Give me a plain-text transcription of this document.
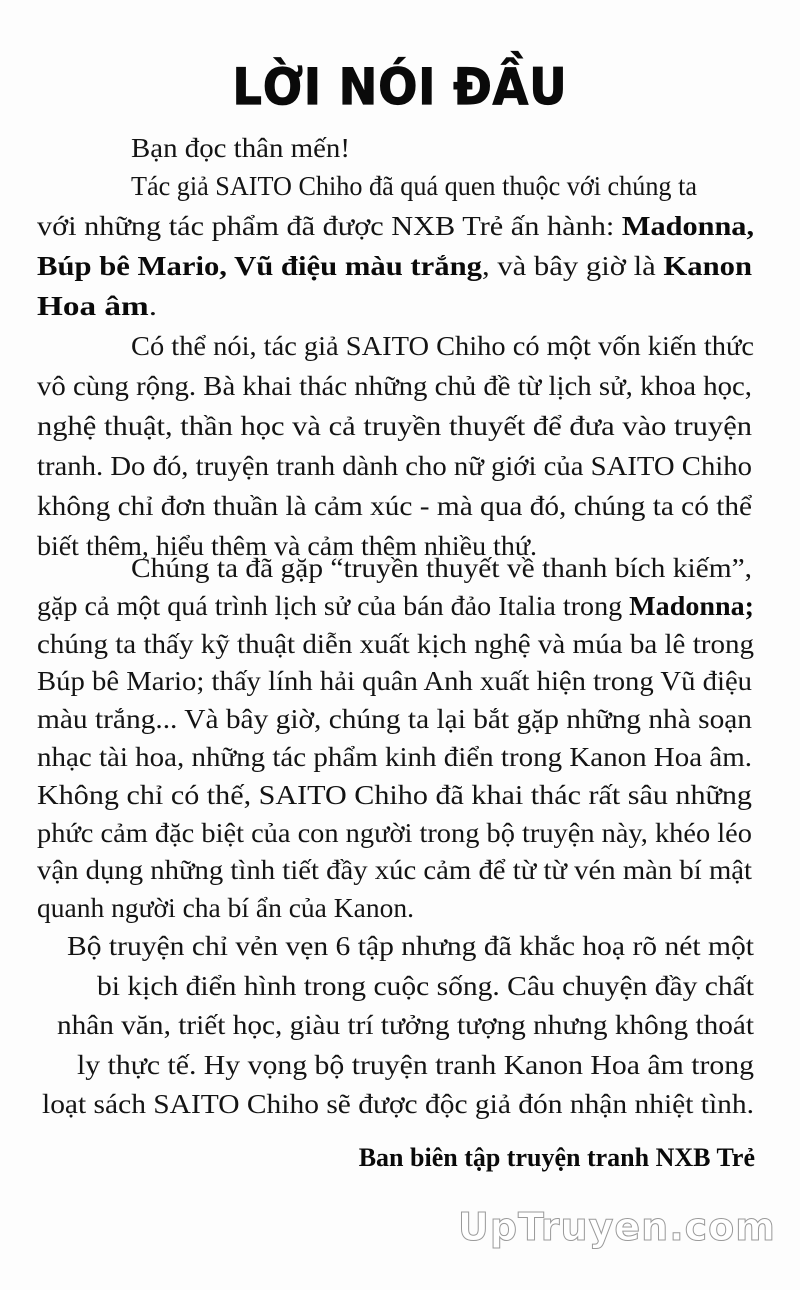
LỜI NÓI ĐẦU
Bạn đọc thân mến!
Tác giả SAITO Chiho đã quá quen thuộc với chúng ta
với những tác phẩm đã được NXB Trẻ ấn hành: Madonna,
Búp bê Mario, Vũ điệu màu trắng, và bây giờ là Kanon
Hoa âm.
Có thể nói, tác giả SAITO Chiho có một vốn kiến thức
vô cùng rộng. Bà khai thác những chủ đề từ lịch sử, khoa học,
nghệ thuật, thần học và cả truyền thuyết để đưa vào truyện
tranh. Do đó, truyện tranh dành cho nữ giới của SAITO Chiho
không chỉ đơn thuần là cảm xúc - mà qua đó, chúng ta có thể
biết thêm, hiểu thêm và cảm thêm nhiều thứ.
Chúng ta đã gặp “truyền thuyết về thanh bích kiếm”,
gặp cả một quá trình lịch sử của bán đảo Italia trong Madonna;
chúng ta thấy kỹ thuật diễn xuất kịch nghệ và múa ba lê trong
Búp bê Mario; thấy lính hải quân Anh xuất hiện trong Vũ điệu
màu trắng... Và bây giờ, chúng ta lại bắt gặp những nhà soạn
nhạc tài hoa, những tác phẩm kinh điển trong Kanon Hoa âm.
Không chỉ có thế, SAITO Chiho đã khai thác rất sâu những
phức cảm đặc biệt của con người trong bộ truyện này, khéo léo
vận dụng những tình tiết đầy xúc cảm để từ từ vén màn bí mật
quanh người cha bí ẩn của Kanon.
Bộ truyện chỉ vẻn vẹn 6 tập nhưng đã khắc hoạ rõ nét một
bi kịch điển hình trong cuộc sống. Câu chuyện đầy chất
nhân văn, triết học, giàu trí tưởng tượng nhưng không thoát
ly thực tế. Hy vọng bộ truyện tranh Kanon Hoa âm trong
loạt sách SAITO Chiho sẽ được độc giả đón nhận nhiệt tình.
Ban biên tập truyện tranh NXB Trẻ
UpTruyen.com
